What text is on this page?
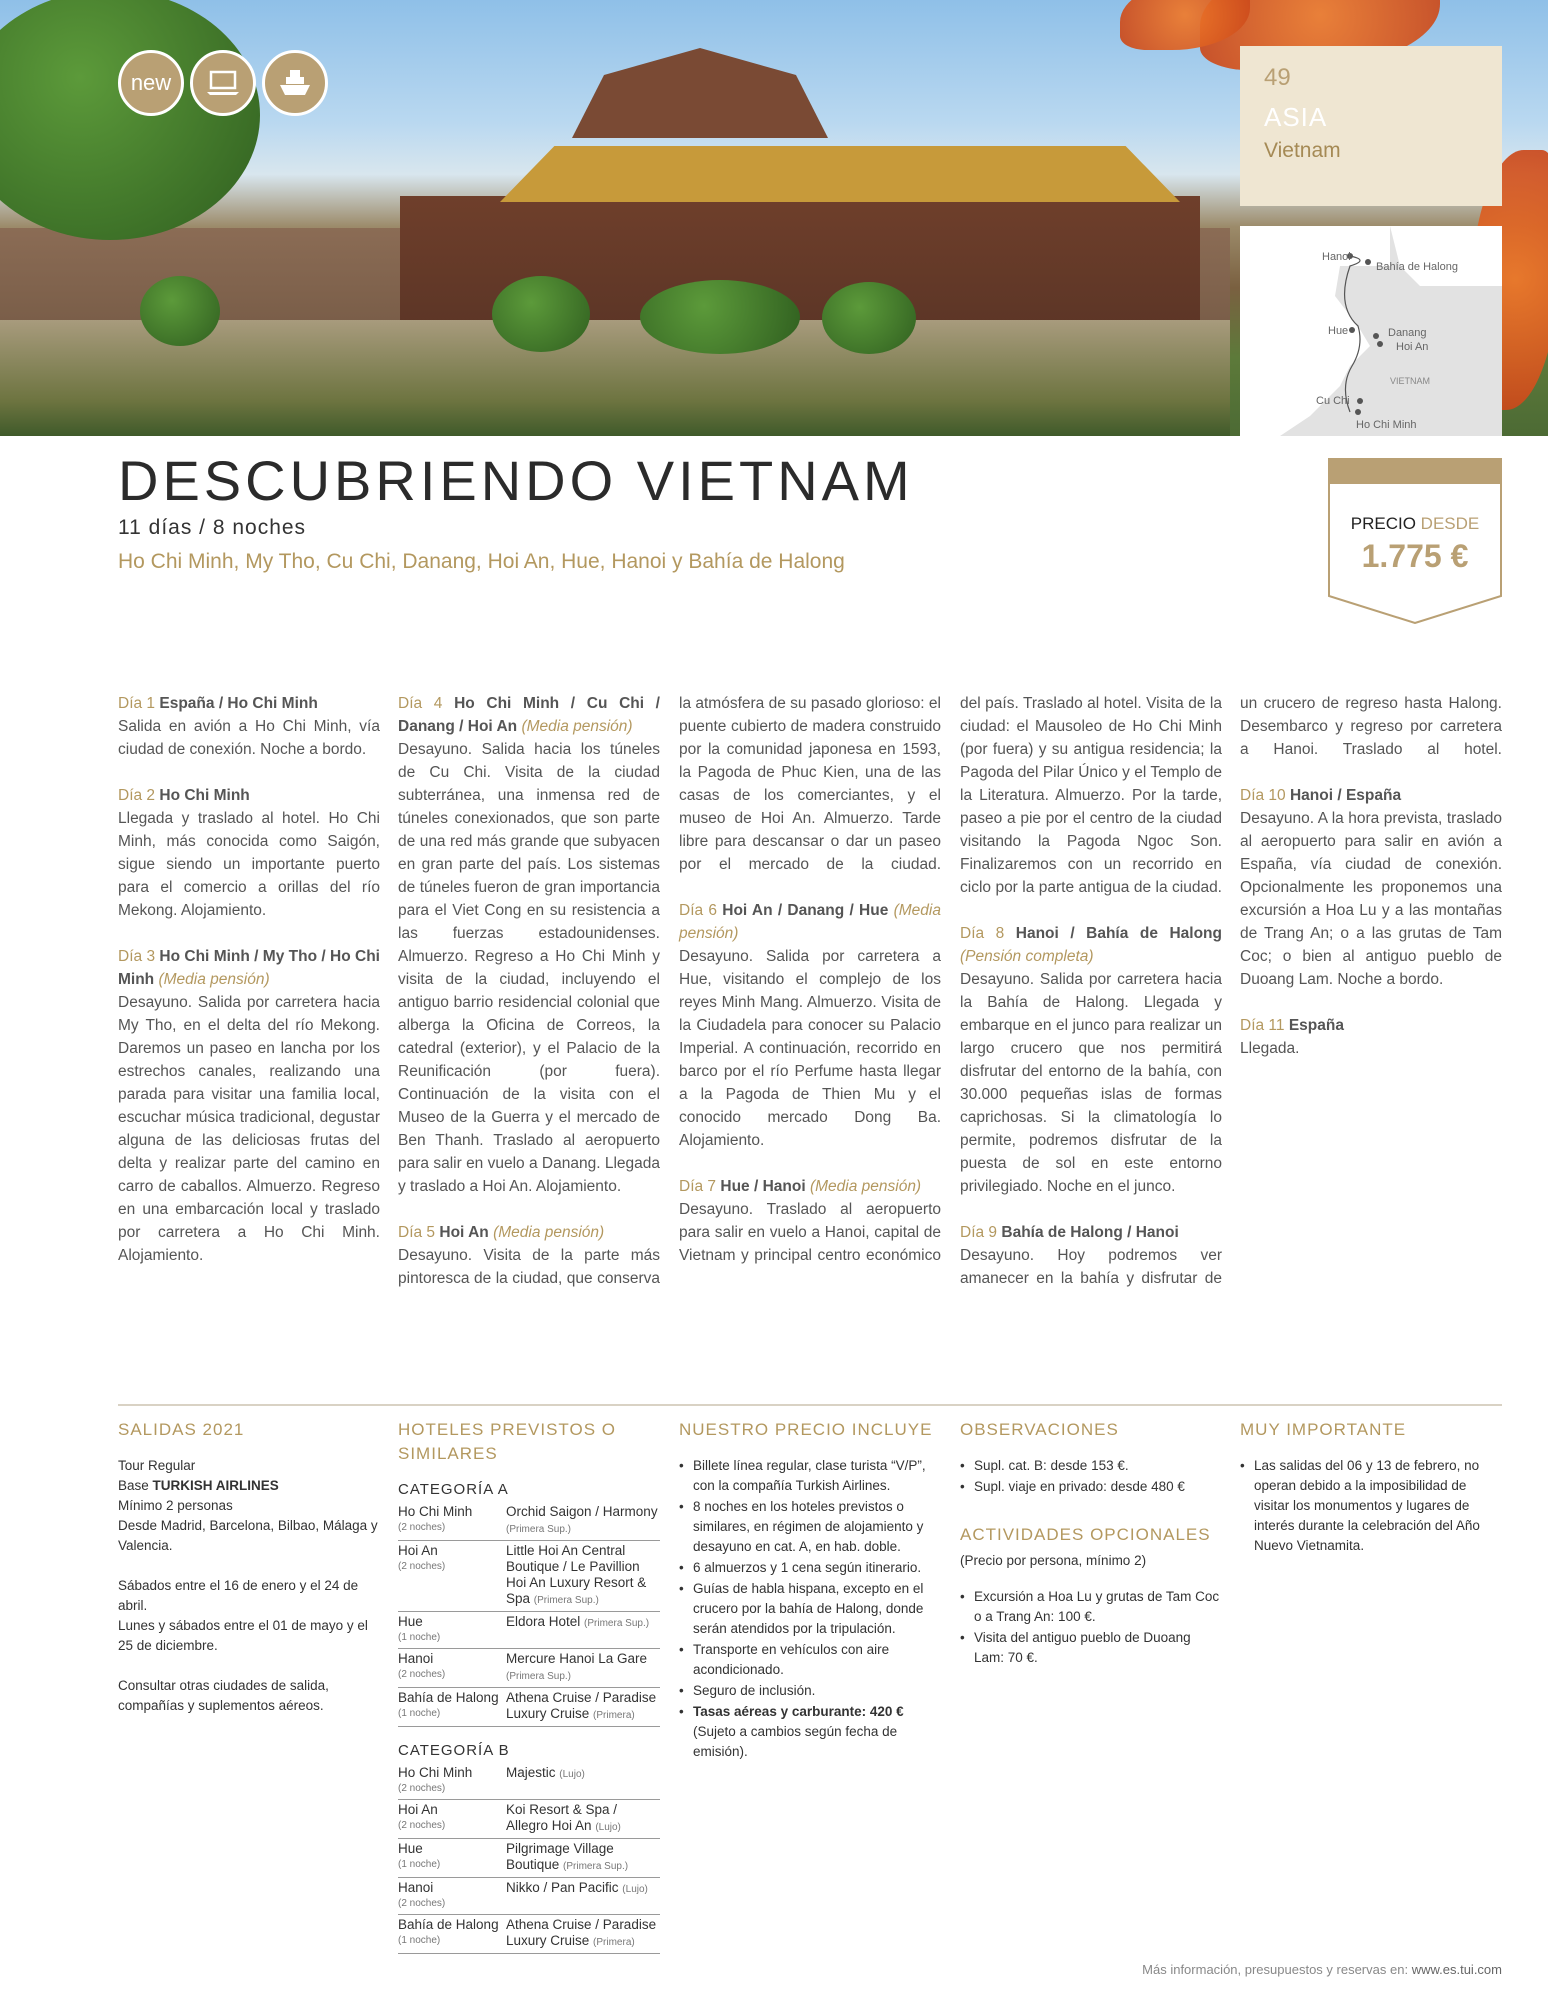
new	49
ASIA
Vietnam
Hanoi
Bahía de Halong
Hue	Danang
Hoi An
VIETNAM
Cu Chi
Ho Chi Minh
DESCUBRIENDO VIETNAM
11 días / 8 noches
Ho Chi Minh, My Tho, Cu Chi, Danang, Hoi An, Hue, Hanoi y Bahía de Halong
PRECIO DESDE
1.775 €
Día 1 España / Ho Chi Minh
Salida en avión a Ho Chi Minh, vía ciudad de conexión. Noche a bordo.
Día 2 Ho Chi Minh
Llegada y traslado al hotel. Ho Chi Minh, más conocida como Saigón, sigue siendo un importante puerto para el comercio a orillas del río Mekong. Alojamiento.
Día 3 Ho Chi Minh / My Tho / Ho Chi Minh (Media pensión)
Desayuno. Salida por carretera hacia My Tho, en el delta del río Mekong. Daremos un paseo en lancha por los estrechos canales, realizando una parada para visitar una familia local, escuchar música tradicional, degustar alguna de las deliciosas frutas del delta y realizar parte del camino en carro de caballos. Almuerzo. Regreso en una embarcación local y traslado por carretera a Ho Chi Minh. Alojamiento.
Día 4 Ho Chi Minh / Cu Chi / Danang / Hoi An (Media pensión)
Desayuno. Salida hacia los túneles de Cu Chi. Visita de la ciudad subterránea, una inmensa red de túneles conexionados, que son parte de una red más grande que subyacen en gran parte del país. Los sistemas de túneles fueron de gran importancia para el Viet Cong en su resistencia a las fuerzas estadounidenses. Almuerzo. Regreso a Ho Chi Minh y visita de la ciudad, incluyendo el antiguo barrio residencial colonial que alberga la Oficina de Correos, la catedral (exterior), y el Palacio de la Reunificación (por fuera). Continuación de la visita con el Museo de la Guerra y el mercado de Ben Thanh. Traslado al aeropuerto para salir en vuelo a Danang. Llegada y traslado a Hoi An. Alojamiento.
Día 5 Hoi An (Media pensión)
Desayuno. Visita de la parte más pintoresca de la ciudad, que conserva
la atmósfera de su pasado glorioso: el puente cubierto de madera construido por la comunidad japonesa en 1593, la Pagoda de Phuc Kien, una de las casas de los comerciantes, y el museo de Hoi An. Almuerzo. Tarde libre para descansar o dar un paseo por el mercado de la ciudad.
Día 6 Hoi An / Danang / Hue (Media pensión)
Desayuno. Salida por carretera a Hue, visitando el complejo de los reyes Minh Mang. Almuerzo. Visita de la Ciudadela para conocer su Palacio Imperial. A continuación, recorrido en barco por el río Perfume hasta llegar a la Pagoda de Thien Mu y el conocido mercado Dong Ba. Alojamiento.
Día 7 Hue / Hanoi (Media pensión)
Desayuno. Traslado al aeropuerto para salir en vuelo a Hanoi, capital de Vietnam y principal centro económico
del país. Traslado al hotel. Visita de la ciudad: el Mausoleo de Ho Chi Minh (por fuera) y su antigua residencia; la Pagoda del Pilar Único y el Templo de la Literatura. Almuerzo. Por la tarde, paseo a pie por el centro de la ciudad visitando la Pagoda Ngoc Son. Finalizaremos con un recorrido en ciclo por la parte antigua de la ciudad.
Día 8 Hanoi / Bahía de Halong (Pensión completa)
Desayuno. Salida por carretera hacia la Bahía de Halong. Llegada y embarque en el junco para realizar un largo crucero que nos permitirá disfrutar del entorno de la bahía, con 30.000 pequeñas islas de formas caprichosas. Si la climatología lo permite, podremos disfrutar de la puesta de sol en este entorno privilegiado. Noche en el junco.
Día 9 Bahía de Halong / Hanoi
Desayuno. Hoy podremos ver amanecer en la bahía y disfrutar de
un crucero de regreso hasta Halong. Desembarco y regreso por carretera a Hanoi. Traslado al hotel.
Día 10 Hanoi / España
Desayuno. A la hora prevista, traslado al aeropuerto para salir en avión a España, vía ciudad de conexión. Opcionalmente les proponemos una excursión a Hoa Lu y a las montañas de Trang An; o a las grutas de Tam Coc; o bien al antiguo pueblo de Duoang Lam. Noche a bordo.
Día 11 España
Llegada.
SALIDAS 2021
Tour Regular
Base TURKISH AIRLINES
Mínimo 2 personas
Desde Madrid, Barcelona, Bilbao, Málaga y Valencia.
Sábados entre el 16 de enero y el 24 de abril.
Lunes y sábados entre el 01 de mayo y el 25 de diciembre.
Consultar otras ciudades de salida, compañías y suplementos aéreos.
HOTELES PREVISTOS O SIMILARES
CATEGORÍA A
Ho Chi Minh
(2 noches)
Orchid Saigon / Harmony (Primera Sup.)
Hoi An
(2 noches)
Little Hoi An Central Boutique / Le Pavillion Hoi An Luxury Resort & Spa (Primera Sup.)
Hue
(1 noche)
Eldora Hotel (Primera Sup.)
Hanoi
(2 noches)
Mercure Hanoi La Gare (Primera Sup.)
Bahía de Halong
(1 noche)
Athena Cruise / Paradise Luxury Cruise (Primera)
CATEGORÍA B
Ho Chi Minh
(2 noches)
Majestic (Lujo)
Hoi An
(2 noches)
Koi Resort & Spa / Allegro Hoi An (Lujo)
Hue
(1 noche)
Pilgrimage Village Boutique (Primera Sup.)
Hanoi
(2 noches)
Nikko / Pan Pacific (Lujo)
Bahía de Halong
(1 noche)
Athena Cruise / Paradise Luxury Cruise (Primera)
NUESTRO PRECIO INCLUYE
• Billete línea regular, clase turista “V/P”, con la compañía Turkish Airlines.
• 8 noches en los hoteles previstos o similares, en régimen de alojamiento y desayuno en cat. A, en hab. doble.
• 6 almuerzos y 1 cena según itinerario.
• Guías de habla hispana, excepto en el crucero por la bahía de Halong, donde serán atendidos por la tripulación.
• Transporte en vehículos con aire acondicionado.
• Seguro de inclusión.
• Tasas aéreas y carburante: 420 €
(Sujeto a cambios según fecha de emisión).
OBSERVACIONES
• Supl. cat. B: desde 153 €.
• Supl. viaje en privado: desde 480 €
ACTIVIDADES OPCIONALES
(Precio por persona, mínimo 2)
• Excursión a Hoa Lu y grutas de Tam Coc o a Trang An: 100 €.
• Visita del antiguo pueblo de Duoang Lam: 70 €.
MUY IMPORTANTE
• Las salidas del 06 y 13 de febrero, no operan debido a la imposibilidad de visitar los monumentos y lugares de interés durante la celebración del Año Nuevo Vietnamita.
Más información, presupuestos y reservas en: www.es.tui.com
